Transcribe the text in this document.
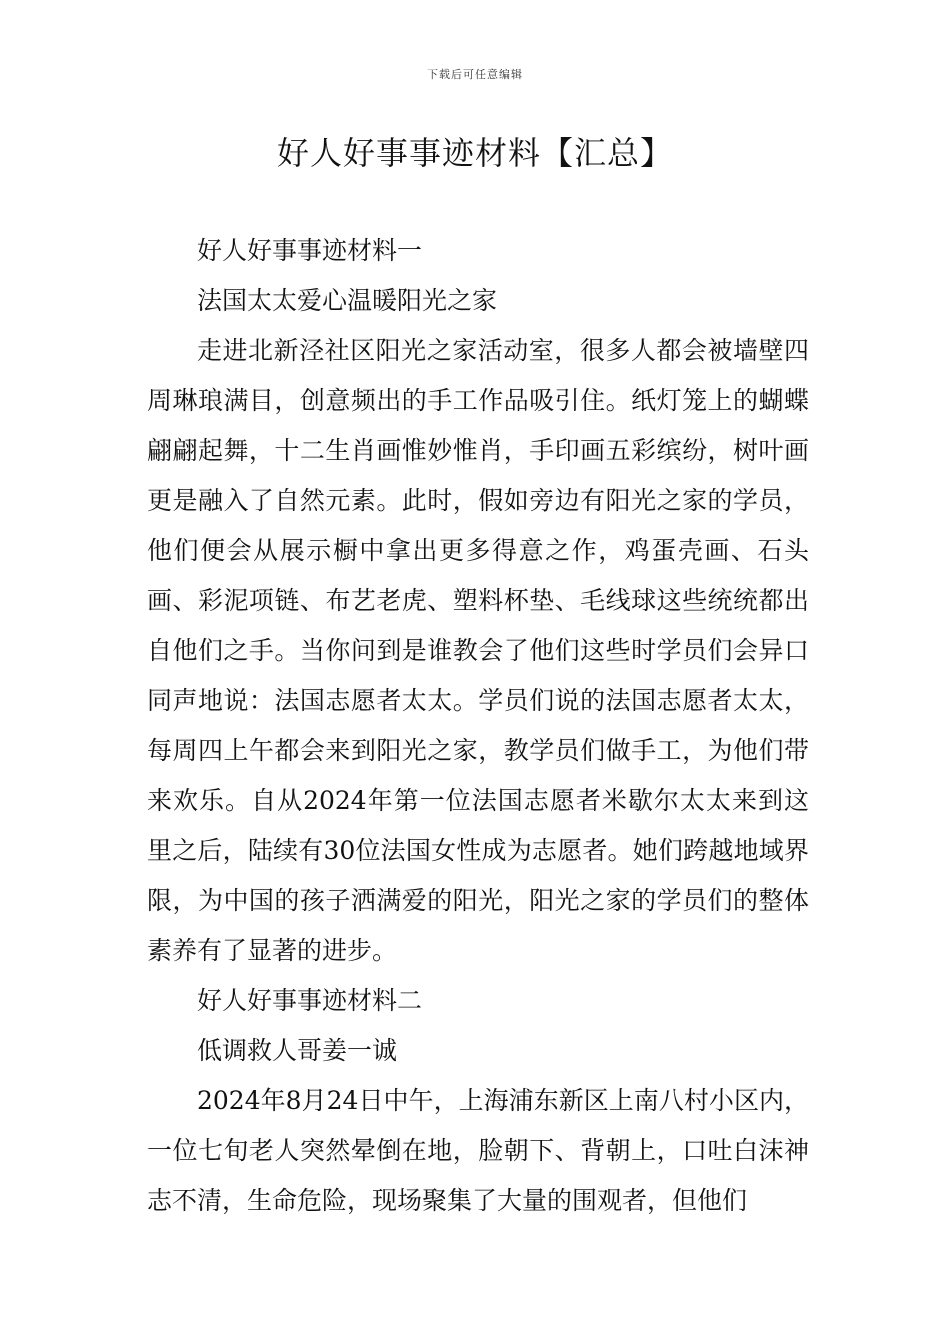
下载后可任意编辑
好人好事事迹材料【汇总】

好人好事事迹材料一

法国太太爱心温暖阳光之家

走进北新泾社区阳光之家活动室，很多人都会被墙壁四周琳琅满目，创意频出的手工作品吸引住。纸灯笼上的蝴蝶翩翩起舞，十二生肖画惟妙惟肖，手印画五彩缤纷，树叶画更是融入了自然元素。此时，假如旁边有阳光之家的学员，他们便会从展示橱中拿出更多得意之作，鸡蛋壳画、石头画、彩泥项链、布艺老虎、塑料杯垫、毛线球这些统统都出自他们之手。当你问到是谁教会了他们这些时学员们会异口同声地说：法国志愿者太太。学员们说的法国志愿者太太，每周四上午都会来到阳光之家，教学员们做手工，为他们带来欢乐。自从2024年第一位法国志愿者米歇尔太太来到这里之后，陆续有30位法国女性成为志愿者。她们跨越地域界限，为中国的孩子洒满爱的阳光，阳光之家的学员们的整体素养有了显著的进步。

好人好事事迹材料二

低调救人哥姜一诚

2024年8月24日中午，上海浦东新区上南八村小区内，一位七旬老人突然晕倒在地，脸朝下、背朝上，口吐白沫神志不清，生命危险，现场聚集了大量的围观者，但他们
